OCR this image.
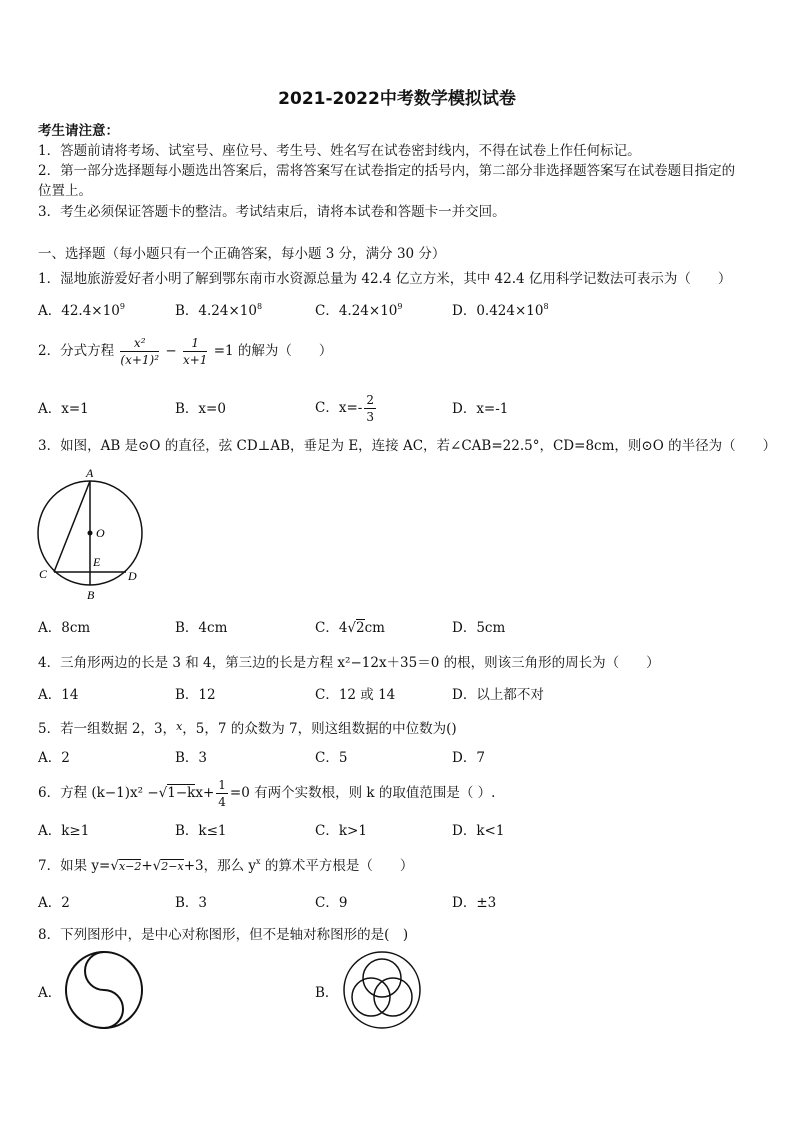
2021-2022中考数学模拟试卷
考生请注意：
1．答题前请将考场、试室号、座位号、考生号、姓名写在试卷密封线内，不得在试卷上作任何标记。
2．第一部分选择题每小题选出答案后，需将答案写在试卷指定的括号内，第二部分非选择题答案写在试卷题目指定的
位置上。
3．考生必须保证答题卡的整洁。考试结束后，请将本试卷和答题卡一并交回。
一、选择题（每小题只有一个正确答案，每小题 3 分，满分 30 分）
1．湿地旅游爱好者小明了解到鄂东南市水资源总量为 42.4 亿立方米，其中 42.4 亿用科学记数法可表示为（　　）
A．$42.4\times 10^9$	B．$4.24\times 10^8$	C．$4.24\times 10^9$	D．$0.424\times 10^8$
2．分式方程 $\frac{\text{x²}}{\text{(x+1)²}} - \frac{1}{x+1} =1$ 的解为（　　）
A．x=1	B．x=0	C．$x=- \frac{2}{3}$	D．x=-1
3．如图，AB 是⊙O 的直径，弦 CD⊥AB，垂足为 E，连接 AC，若∠CAB=22.5°，CD=8cm，则⊙O 的半径为（　　）
A
O
E
C	D
B
A．8cm	B．4cm	C．4√2cm	D．5cm
4．三角形两边的长是 3 和 4，第三边的长是方程 x²−12x＋35＝0 的根，则该三角形的周长为（　　）
A．14	B．12	C．12 或 14	D．以上都不对
5．若一组数据 2，3，$^x$，5，7 的众数为 7，则这组数据的中位数为()
A．2	B．3	C．5	D．7
6．方程 $(k-1)x^2 -√1-kx+ \frac{1}{4} =0$ 有两个实数根，则 k 的取值范围是（ ）.
A．k≥1	B．k≤1	C．k>1	D．k<1
7．如果 y=√x−2+√2−x+3，那么 $y^x$ 的算术平方根是（　　）
A．2	B．3	C．9	D．±3
8．下列图形中，是中心对称图形，但不是轴对称图形的是(　)
A．	B．
